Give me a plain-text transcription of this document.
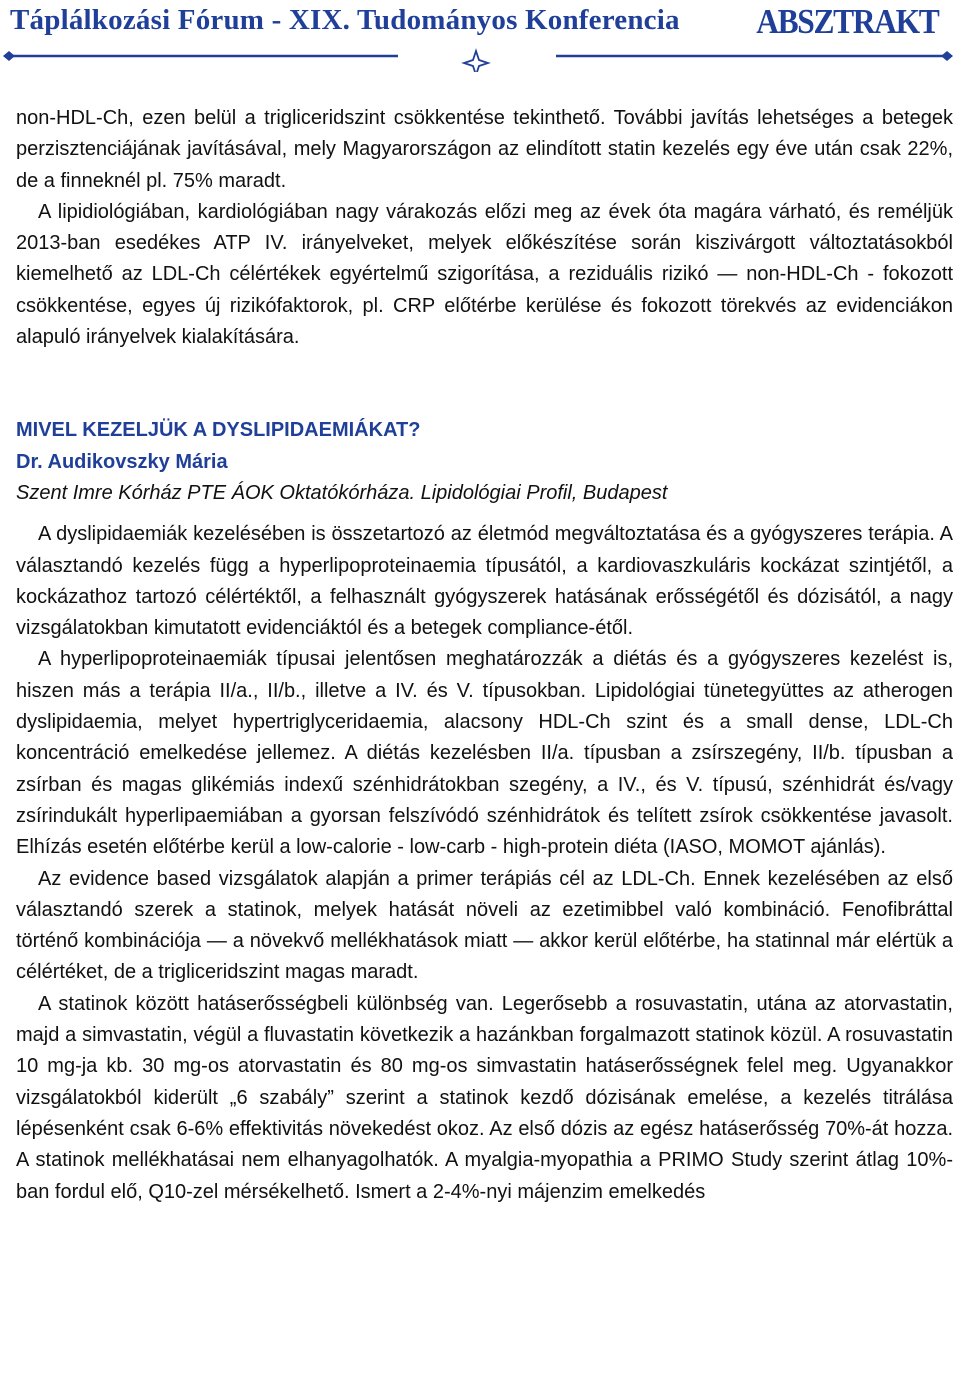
Táplálkozási Fórum - XIX. Tudományos Konferencia ABSZTRAKT

non-HDL-Ch, ezen belül a trigliceridszint csökkentése tekinthető. További javítás lehetséges a betegek perzisztenciájának javításával, mely Magyarországon az elindított statin kezelés egy éve után csak 22%, de a finneknél pl. 75% maradt.

A lipidiológiában, kardiológiában nagy várakozás előzi meg az évek óta magára várható, és reméljük 2013-ban esedékes ATP IV. irányelveket, melyek előkészítése során kiszivárgott változtatásokból kiemelhető az LDL-Ch célértékek egyértelmű szigorítása, a reziduális rizikó — non-HDL-Ch - fokozott csökkentése, egyes új rizikófaktorok, pl. CRP előtérbe kerülése és fokozott törekvés az evidenciákon alapuló irányelvek kialakítására.

MIVEL KEZELJÜK A DYSLIPIDAEMIÁKAT?

Dr. Audikovszky Mária

Szent Imre Kórház PTE ÁOK Oktatókórháza. Lipidológiai Profil, Budapest

A dyslipidaemiák kezelésében is összetartozó az életmód megváltoztatása és a gyógyszeres terápia. A választandó kezelés függ a hyperlipoproteinaemia típusától, a kardiovaszkuláris kockázat szintjétől, a kockázathoz tartozó célértéktől, a felhasznált gyógyszerek hatásának erősségétől és dózisától, a nagy vizsgálatokban kimutatott evidenciáktól és a betegek compliance-étől.

A hyperlipoproteinaemiák típusai jelentősen meghatározzák a diétás és a gyógyszeres kezelést is, hiszen más a terápia II/a., II/b., illetve a IV. és V. típusokban. Lipidológiai tünetegyüttes az atherogen dyslipidaemia, melyet hypertriglyceridaemia, alacsony HDL-Ch szint és a small dense, LDL-Ch koncentráció emelkedése jellemez. A diétás kezelésben II/a. típusban a zsírszegény, II/b. típusban a zsírban és magas glikémiás indexű szénhidrátokban szegény, a IV., és V. típusú, szénhidrát és/vagy zsírindukált hyperlipaemiában a gyorsan felszívódó szénhidrátok és telített zsírok csökkentése javasolt. Elhízás esetén előtérbe kerül a low-calorie - low-carb - high-protein diéta (IASO, MOMOT ajánlás).

Az evidence based vizsgálatok alapján a primer terápiás cél az LDL-Ch. Ennek kezelésében az első választandó szerek a statinok, melyek hatását növeli az ezetimibbel való kombináció. Fenofibráttal történő kombinációja — a növekvő mellékhatások miatt — akkor kerül előtérbe, ha statinnal már elértük a célértéket, de a trigliceridszint magas maradt.

A statinok között hatáserősségbeli különbség van. Legerősebb a rosuvastatin, utána az atorvastatin, majd a simvastatin, végül a fluvastatin következik a hazánkban forgalmazott statinok közül. A rosuvastatin 10 mg-ja kb. 30 mg-os atorvastatin és 80 mg-os simvastatin hatáserősségnek felel meg. Ugyanakkor vizsgálatokból kiderült „6 szabály” szerint a statinok kezdő dózisának emelése, a kezelés titrálása lépésenként csak 6-6% effektivitás növekedést okoz. Az első dózis az egész hatáserősség 70%-át hozza. A statinok mellékhatásai nem elhanyagolhatók. A myalgia-myopathia a PRIMO Study szerint átlag 10%-ban fordul elő, Q10-zel mérsékelhető. Ismert a 2-4%-nyi májenzim emelkedés
